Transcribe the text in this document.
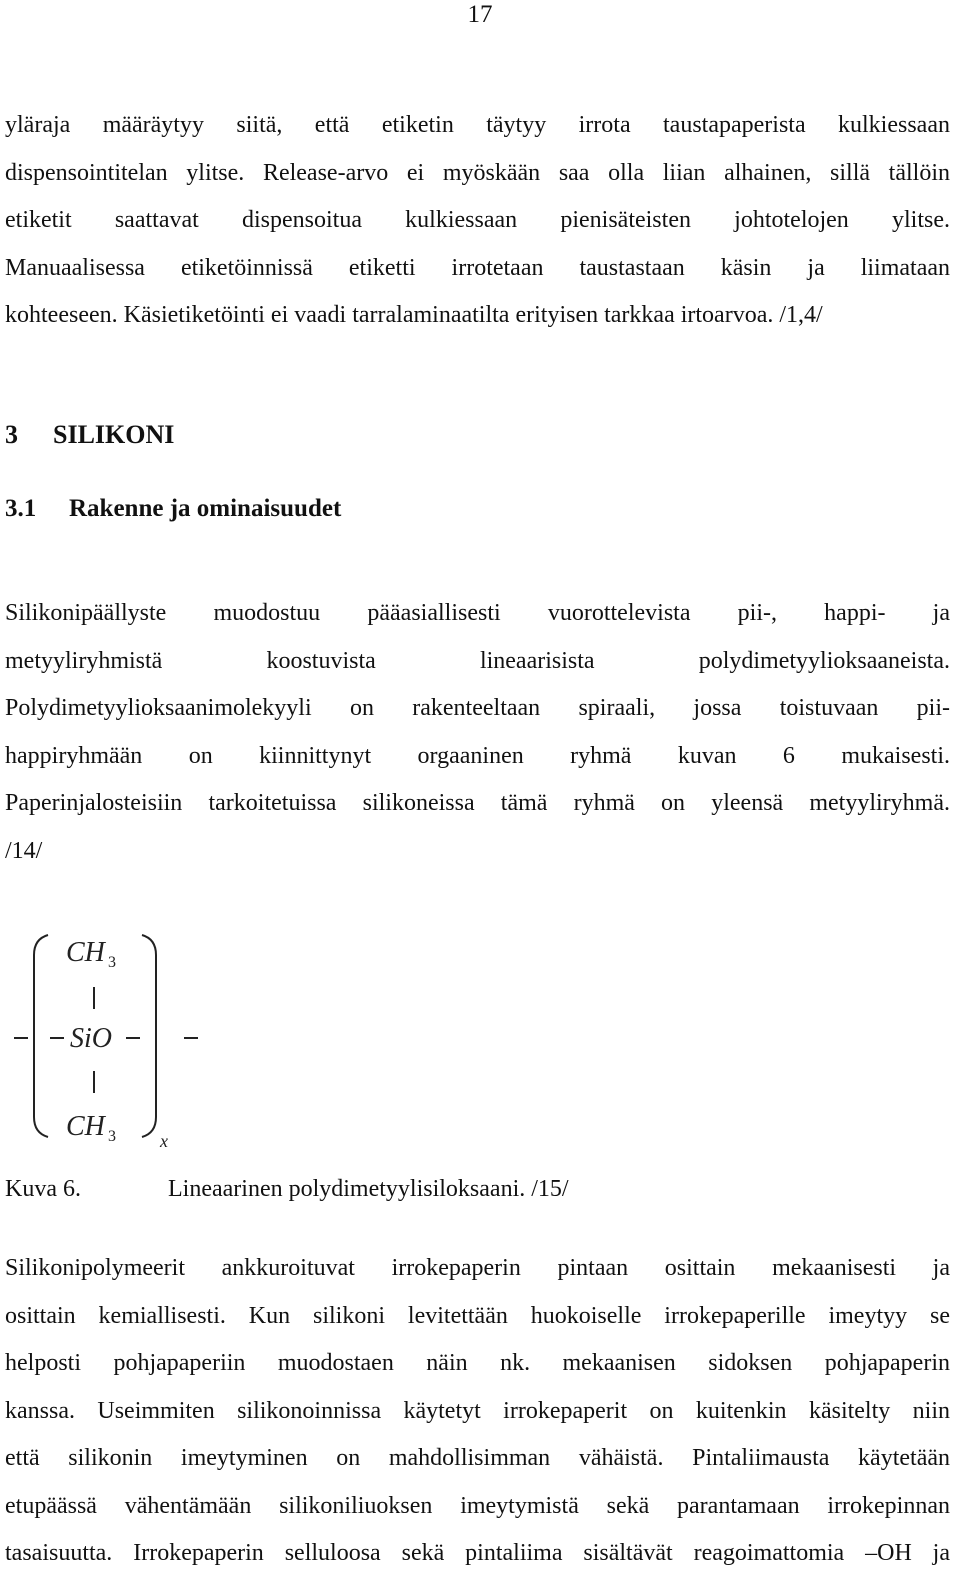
17

yläraja määräytyy siitä, että etiketin täytyy irrota taustapaperista kulkiessaan
dispensointitelan ylitse. Release-arvo ei myöskään saa olla liian alhainen, sillä tällöin
etiketit saattavat dispensoitua kulkiessaan pienisäteisten johtotelojen ylitse.
Manuaalisessa etiketöinnissä etiketti irrotetaan taustastaan käsin ja liimataan
kohteeseen. Käsietiketöinti ei vaadi tarralaminaatilta erityisen tarkkaa irtoarvoa. /1,4/

3 SILIKONI
3.1 Rakenne ja ominaisuudet

Silikonipäällyste muodostuu pääasiallisesti vuorottelevista pii-, happi- ja
metyyliryhmistä koostuvista lineaarisista polydimetyylioksaaneista.
Polydimetyylioksaanimolekyyli on rakenteeltaan spiraali, jossa toistuvaan pii-
happiryhmään on kiinnittynyt orgaaninen ryhmä kuvan 6 mukaisesti.
Paperinjalosteisiin tarkoitetuissa silikoneissa tämä ryhmä on yleensä metyyliryhmä.
/14/

CH 3
SiO
CH 3 x
Kuva 6.	Lineaarinen polydimetyylisiloksaani. /15/

Silikonipolymeerit ankkuroituvat irrokepaperin pintaan osittain mekaanisesti ja
osittain kemiallisesti. Kun silikoni levitettään huokoiselle irrokepaperille imeytyy se
helposti pohjapaperiin muodostaen näin nk. mekaanisen sidoksen pohjapaperin
kanssa. Useimmiten silikonoinnissa käytetyt irrokepaperit on kuitenkin käsitelty niin
että silikonin imeytyminen on mahdollisimman vähäistä. Pintaliimausta käytetään
etupäässä vähentämään silikoniliuoksen imeytymistä sekä parantamaan irrokepinnan
tasaisuutta. Irrokepaperin selluloosa sekä pintaliima sisältävät reagoimattomia –OH ja
